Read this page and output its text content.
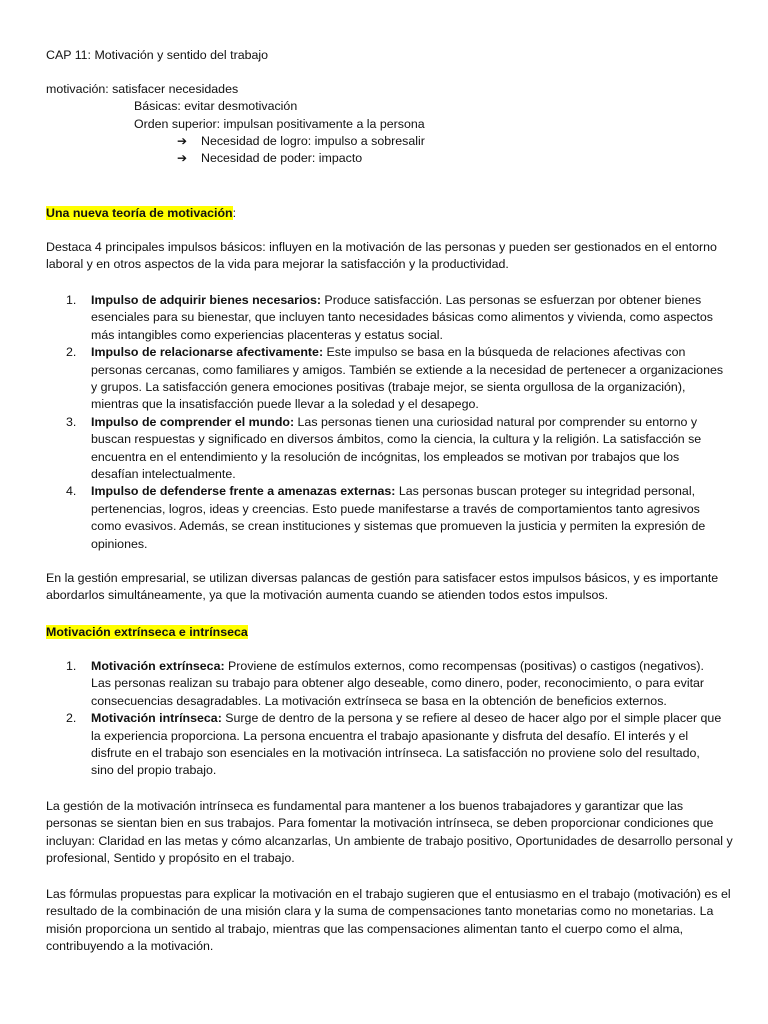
CAP 11: Motivación y sentido del trabajo

motivación: satisfacer necesidades

Básicas: evitar desmotivación

Orden superior: impulsan positivamente a la persona

➔	Necesidad de logro: impulso a sobresalir
➔	Necesidad de poder: impacto

Una nueva teoría de motivación:

Destaca 4 principales impulsos básicos: influyen en la motivación de las personas y pueden ser gestionados en el entorno laboral y en otros aspectos de la vida para mejorar la satisfacción y la productividad.

1. Impulso de adquirir bienes necesarios: Produce satisfacción. Las personas se esfuerzan por obtener bienes esenciales para su bienestar, que incluyen tanto necesidades básicas como alimentos y vivienda, como aspectos más intangibles como experiencias placenteras y estatus social.
2. Impulso de relacionarse afectivamente: Este impulso se basa en la búsqueda de relaciones afectivas con personas cercanas, como familiares y amigos. También se extiende a la necesidad de pertenecer a organizaciones y grupos. La satisfacción genera emociones positivas (trabaje mejor, se sienta orgullosa de la organización), mientras que la insatisfacción puede llevar a la soledad y el desapego.
3. Impulso de comprender el mundo: Las personas tienen una curiosidad natural por comprender su entorno y buscan respuestas y significado en diversos ámbitos, como la ciencia, la cultura y la religión. La satisfacción se encuentra en el entendimiento y la resolución de incógnitas, los empleados se motivan por trabajos que los desafían intelectualmente.
4. Impulso de defenderse frente a amenazas externas: Las personas buscan proteger su integridad personal, pertenencias, logros, ideas y creencias. Esto puede manifestarse a través de comportamientos tanto agresivos como evasivos. Además, se crean instituciones y sistemas que promueven la justicia y permiten la expresión de opiniones.

En la gestión empresarial, se utilizan diversas palancas de gestión para satisfacer estos impulsos básicos, y es importante abordarlos simultáneamente, ya que la motivación aumenta cuando se atienden todos estos impulsos.

Motivación extrínseca e intrínseca

1. Motivación extrínseca: Proviene de estímulos externos, como recompensas (positivas) o castigos (negativos). Las personas realizan su trabajo para obtener algo deseable, como dinero, poder, reconocimiento, o para evitar consecuencias desagradables. La motivación extrínseca se basa en la obtención de beneficios externos.
2. Motivación intrínseca: Surge de dentro de la persona y se refiere al deseo de hacer algo por el simple placer que la experiencia proporciona. La persona encuentra el trabajo apasionante y disfruta del desafío. El interés y el disfrute en el trabajo son esenciales en la motivación intrínseca. La satisfacción no proviene solo del resultado, sino del propio trabajo.

La gestión de la motivación intrínseca es fundamental para mantener a los buenos trabajadores y garantizar que las personas se sientan bien en sus trabajos. Para fomentar la motivación intrínseca, se deben proporcionar condiciones que incluyan: Claridad en las metas y cómo alcanzarlas, Un ambiente de trabajo positivo, Oportunidades de desarrollo personal y profesional, Sentido y propósito en el trabajo.

Las fórmulas propuestas para explicar la motivación en el trabajo sugieren que el entusiasmo en el trabajo (motivación) es el resultado de la combinación de una misión clara y la suma de compensaciones tanto monetarias como no monetarias. La misión proporciona un sentido al trabajo, mientras que las compensaciones alimentan tanto el cuerpo como el alma, contribuyendo a la motivación.
